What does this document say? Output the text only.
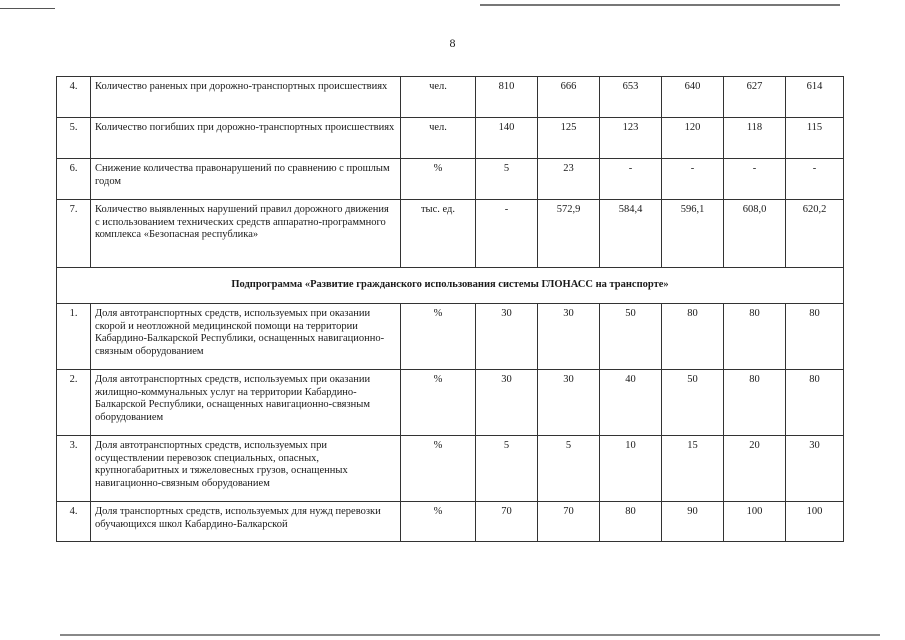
8
4.	Количество раненых при дорожно-транспортных происшествиях	чел.	810	666	653	640	627	614
5.	Количество погибших при дорожно-транспортных происшествиях	чел.	140	125	123	120	118	115
6.	Снижение количества правонарушений по сравнению с прошлым годом	%	5	23	-	-	-	-
7.	Количество выявленных нарушений правил дорожного движения с использованием технических средств аппаратно-программного комплекса «Безопасная республика»	тыс. ед.	-	572,9	584,4	596,1	608,0	620,2
Подпрограмма «Развитие гражданского использования системы ГЛОНАСС на транспорте»								
1.	Доля автотранспортных средств, используемых при оказании скорой и неотложной медицинской помощи на территории Кабардино-Балкарской Республики, оснащенных навигационно-связным оборудованием	%	30	30	50	80	80	80
2.	Доля автотранспортных средств, используемых при оказании жилищно-коммунальных услуг на территории Кабардино-Балкарской Республики, оснащенных навигационно-связным оборудованием	%	30	30	40	50	80	80
3.	Доля автотранспортных средств, используемых при осуществлении перевозок специальных, опасных, крупногабаритных и тяжеловесных грузов, оснащенных навигационно-связным оборудованием	%	5	5	10	15	20	30
4.	Доля транспортных средств, используемых для нужд перевозки обучающихся школ Кабардино-Балкарской	%	70	70	80	90	100	100
